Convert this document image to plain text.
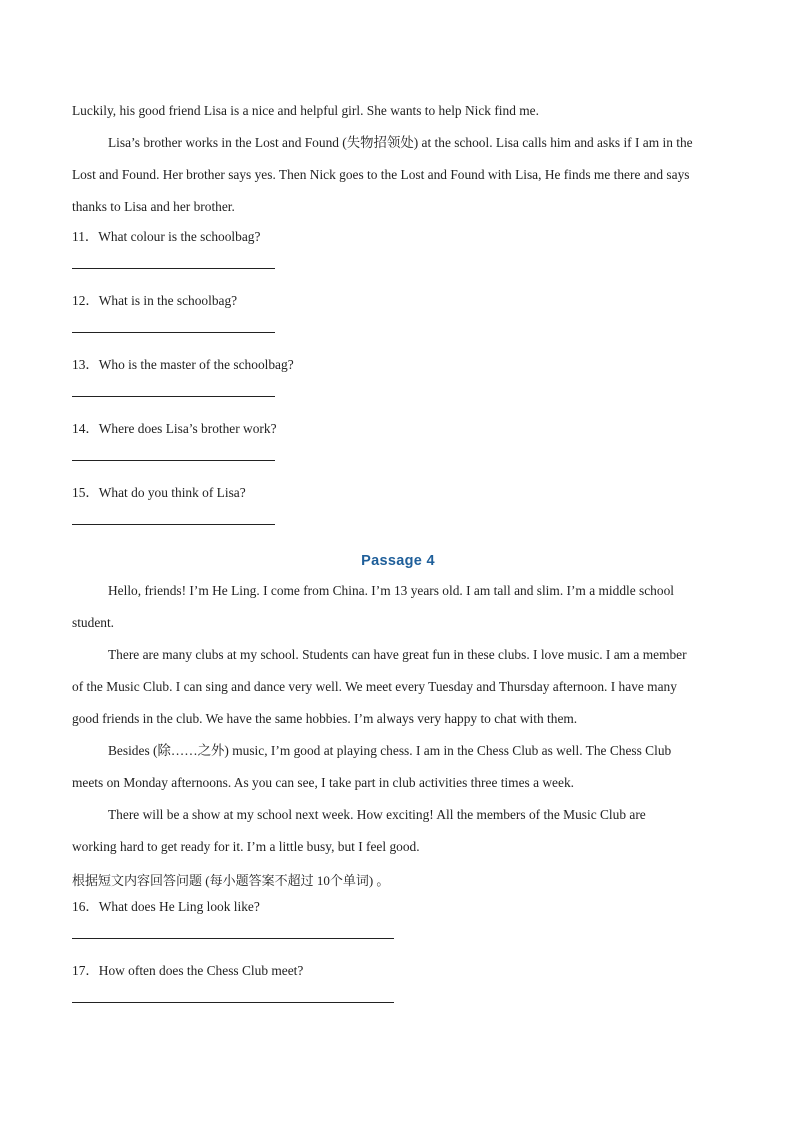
Luckily, his good friend Lisa is a nice and helpful girl. She wants to help Nick find me.
Lisa’s brother works in the Lost and Found (失物招领处) at the school. Lisa calls him and asks if I am in the
Lost and Found. Her brother says yes. Then Nick goes to the Lost and Found with Lisa, He finds me there and says
thanks to Lisa and her brother.
11．What colour is the schoolbag?
12．What is in the schoolbag?
13．Who is the master of the schoolbag?
14．Where does Lisa’s brother work?
15．What do you think of Lisa?
Passage 4
Hello, friends! I’m He Ling. I come from China. I’m 13 years old. I am tall and slim. I’m a middle school
student.
There are many clubs at my school. Students can have great fun in these clubs. I love music. I am a member
of the Music Club. I can sing and dance very well. We meet every Tuesday and Thursday afternoon. I have many
good friends in the club. We have the same hobbies. I’m always very happy to chat with them.
Besides (除……之外) music, I’m good at playing chess. I am in the Chess Club as well. The Chess Club
meets on Monday afternoons. As you can see, I take part in club activities three times a week.
There will be a show at my school next week. How exciting! All the members of the Music Club are
working hard to get ready for it. I’m a little busy, but I feel good.
根据短文内容回答问题 (每小题答案不超过 10个单词) 。
16．What does He Ling look like?
17．How often does the Chess Club meet?
